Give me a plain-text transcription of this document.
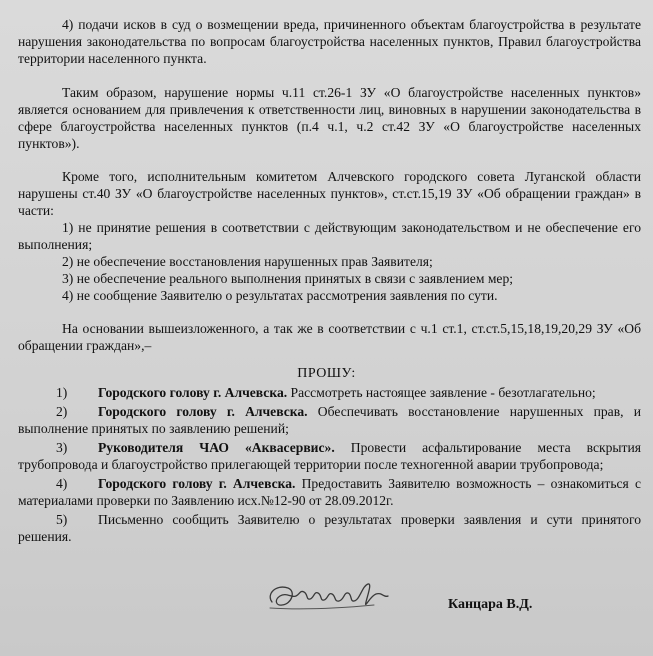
4) подачи исков в суд о возмещении вреда, причиненного объектам благоустройства в результате нарушения законодательства по вопросам благоустройства населенных пунктов, Правил благоустройства территории населенного пункта.

Таким образом, нарушение нормы ч.11 ст.26-1 ЗУ «О благоустройстве населенных пунктов» является основанием для привлечения к ответственности лиц, виновных в нарушении законодательства в сфере благоустройства населенных пунктов (п.4 ч.1, ч.2 ст.42 ЗУ «О благоустройстве населенных пунктов»).

Кроме того, исполнительным комитетом Алчевского городского совета Луганской области нарушены ст.40 ЗУ «О благоустройстве населенных пунктов», ст.ст.15,19 ЗУ «Об обращении граждан» в части:

1) не принятие решения в соответствии с действующим законодательством и не обеспечение его выполнения;

2) не обеспечение восстановления нарушенных прав Заявителя;

3) не обеспечение реального выполнения принятых в связи с заявлением мер;

4) не сообщение Заявителю о результатах рассмотрения заявления по сути.

На основании вышеизложенного, а так же в соответствии с ч.1 ст.1, ст.ст.5,15,18,19,20,29 ЗУ «Об обращении граждан»,–

ПРОШУ:
1)	Городского голову г. Алчевска. Рассмотреть настоящее заявление - безотлагательно;

2)	Городского голову г. Алчевска. Обеспечивать восстановление нарушенных прав, и выполнение принятых по заявлению решений;

3)	Руководителя ЧАО «Аквасервис». Провести асфальтирование места вскрытия трубопровода и благоустройство прилегающей территории после техногенной аварии трубопровода;

4)	Городского голову г. Алчевска. Предоставить Заявителю возможность – ознакомиться с материалами проверки по Заявлению исх.№12-90 от 28.09.2012г.

5)	Письменно сообщить Заявителю о результатах проверки заявления и сути принятого решения.

Канцара В.Д.
